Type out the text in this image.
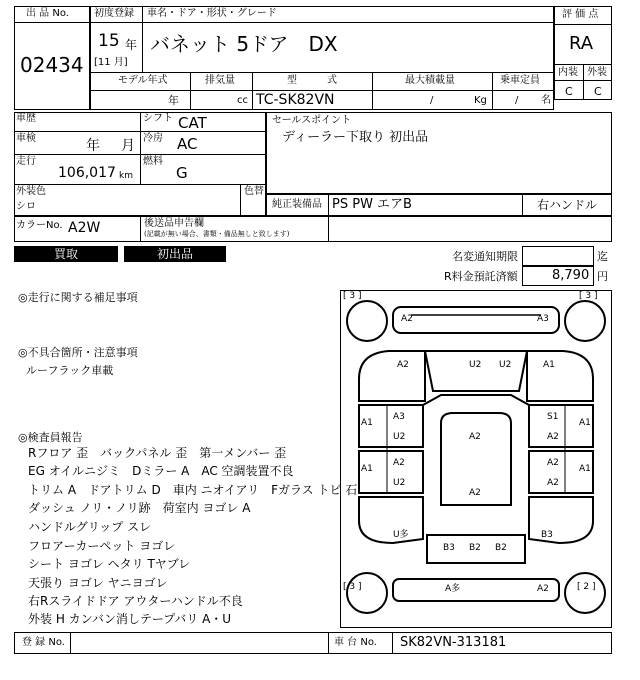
出 品 No.
02434
初度登録 車名・ドア・形状・グレード
15 年
[11 月]
バネット 5ドア　DX
モデル年式	排気量	型　　　式	最大積載量	乗車定員
年	cc TC-SK82VN	/	Kg	/ 名
評 価 点
RA
内装 外装
C C
車歴	シフト CAT
車検	年 月 冷房 AC
走行
106,017 km
燃料
G
外装色
シロ
色替
セールスポイント
ディーラー下取り 初出品
純正装備品 PS PW エアB	右ハンドル
カラーNo. A2W	後送品申告欄
(記載が無い場合、書類・備品無しと致します)
買取	初出品	名変通知期限	迄
R料金預託済額	8,790 円
◎走行に関する補足事項
◎不具合箇所・注意事項
ルーフラック車載
◎検査員報告
Rフロア 歪　バックパネル 歪　第一メンバー 歪
EG オイルニジミ　Dミラー A　AC 空調装置不良
トリム A　ドアトリム D　車内 ニオイアリ　Fガラス トビ 石
ダッシュ ノリ・ノリ跡　荷室内 ヨゴレ A
ハンドルグリップ スレ
フロアーカーペット ヨゴレ
シート ヨゴレ ヘタリ Tヤブレ
天張り ヨゴレ ヤニヨゴレ
右Rスライドドア アウターハンドル不良
外装 H カンバン消しテープバリ A・U
[ 3 ]	[ 3 ]
[ 3 ]	[ 2 ]
A2	A3
A2	U2 U2	A1
A1
A3
U2	A2
S1
A2
A1
A1
A2
U2
A2
A2
A2
A1
U多	B3
B3 B2 B2
A多	A2
登 録 No.	車 台 No. SK82VN-313181
